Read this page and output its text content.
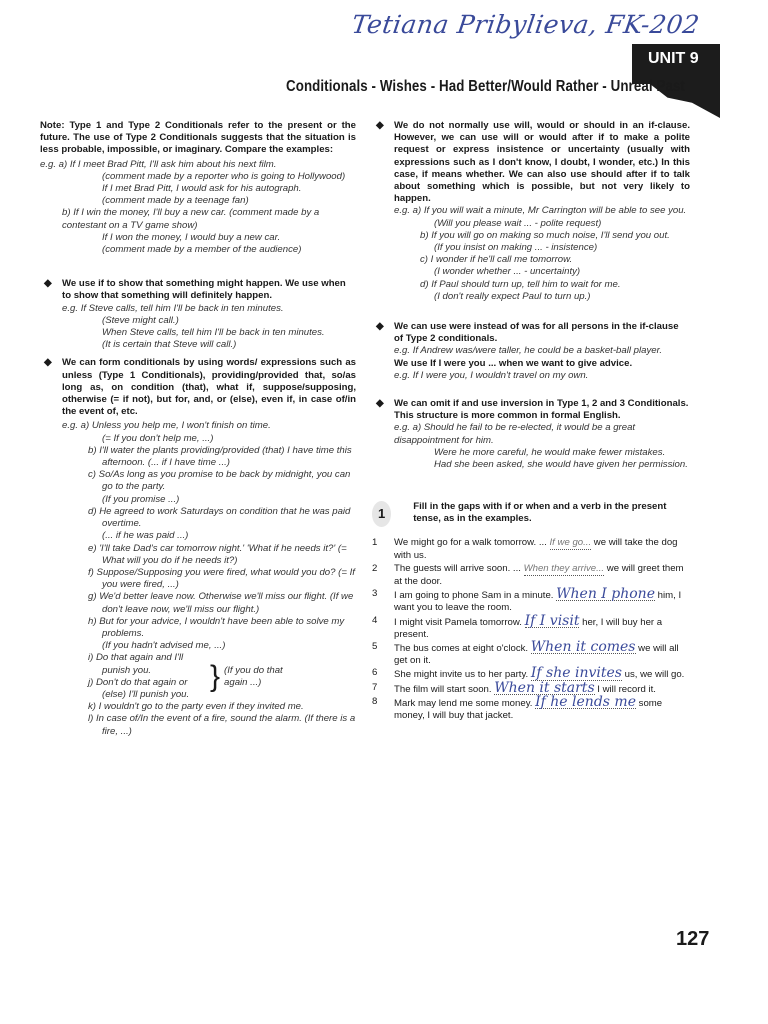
Tetiana Pribylieva, FK-202
UNIT 9
Conditionals - Wishes - Had Better/Would Rather - Unreal Past

Note: Type 1 and Type 2 Conditionals refer to the present or the future. The use of Type 2 Conditionals suggests that the situation is less probable, impossible, or imaginary. Compare the examples:

e.g. a) If I meet Brad Pitt, I'll ask him about his next film.

(comment made by a reporter who is going to Hollywood)

If I met Brad Pitt, I would ask for his autograph.

(comment made by a teenage fan)

b) If I win the money, I'll buy a new car. (comment made by a contestant on a TV game show)

If I won the money, I would buy a new car.

(comment made by a member of the audience)

◆ We use if to show that something might happen. We use when to show that something will definitely happen.

e.g. If Steve calls, tell him I'll be back in ten minutes.

(Steve might call.)

When Steve calls, tell him I'll be back in ten minutes.

(It is certain that Steve will call.)

◆ We can form conditionals by using words/ expressions such as unless (Type 1 Conditionals), providing/provided that, so/as long as, on condition (that), what if, suppose/supposing, otherwise (= if not), but for, and, or (else), even if, in case of/in the event of, etc.

e.g. a) Unless you help me, I won't finish on time.

(= If you don't help me, ...)

b) I'll water the plants providing/provided (that) I have time this afternoon. (... if I have time ...)

c) So/As long as you promise to be back by midnight, you can go to the party.

(If you promise ...)

d) He agreed to work Saturdays on condition that he was paid overtime.

(... if he was paid ...)

e) 'I'll take Dad's car tomorrow night.' 'What if he needs it?' (= What will you do if he needs it?)

f) Suppose/Supposing you were fired, what would you do? (= If you were fired, ...)

g) We'd better leave now. Otherwise we'll miss our flight. (If we don't leave now, we'll miss our flight.)

h) But for your advice, I wouldn't have been able to solve my problems.

(If you hadn't advised me, ...)

i) Do that again and I'll punish you.

j) Don't do that again or (else) I'll punish you.

} (If you do that again ...)

k) I wouldn't go to the party even if they invited me.

l) In case of/In the event of a fire, sound the alarm. (If there is a fire, ...)

◆ We do not normally use will, would or should in an if-clause. However, we can use will or would after if to make a polite request or express insistence or uncertainty (usually with expressions such as I don't know, I doubt, I wonder, etc.) In this case, if means whether. We can also use should after if to talk about something which is possible, but not very likely to happen.

e.g. a) If you will wait a minute, Mr Carrington will be able to see you.

(Will you please wait ... - polite request)

b) If you will go on making so much noise, I'll send you out.

(If you insist on making ... - insistence)

c) I wonder if he'll call me tomorrow.

(I wonder whether ... - uncertainty)

d) If Paul should turn up, tell him to wait for me.

(I don't really expect Paul to turn up.)

◆ We can use were instead of was for all persons in the if-clause of Type 2 conditionals.

e.g. If Andrew was/were taller, he could be a basket-ball player.

We use If I were you ... when we want to give advice.

e.g. If I were you, I wouldn't travel on my own.

◆ We can omit if and use inversion in Type 1, 2 and 3 Conditionals. This structure is more common in formal English.

e.g. a) Should he fail to be re-elected, it would be a great disappointment for him.

Were he more careful, he would make fewer mistakes.

Had she been asked, she would have given her permission.

1	Fill in the gaps with if or when and a verb in the present tense, as in the examples.

1	We might go for a walk tomorrow. ... If we go... we will take the dog with us.
2	The guests will arrive soon. ... When they arrive... we will greet them at the door.
3	I am going to phone Sam in a minute. When I phone him, I want you to leave the room.
4	I might visit Pamela tomorrow. If I visit her, I will buy her a present.
5	The bus comes at eight o'clock. When it comes we will all get on it.
6	She might invite us to her party. If she invites us, we will go.
7	The film will start soon. When it starts I will record it.
8	Mark may lend me some money. If he lends me some money, I will buy that jacket.
127
